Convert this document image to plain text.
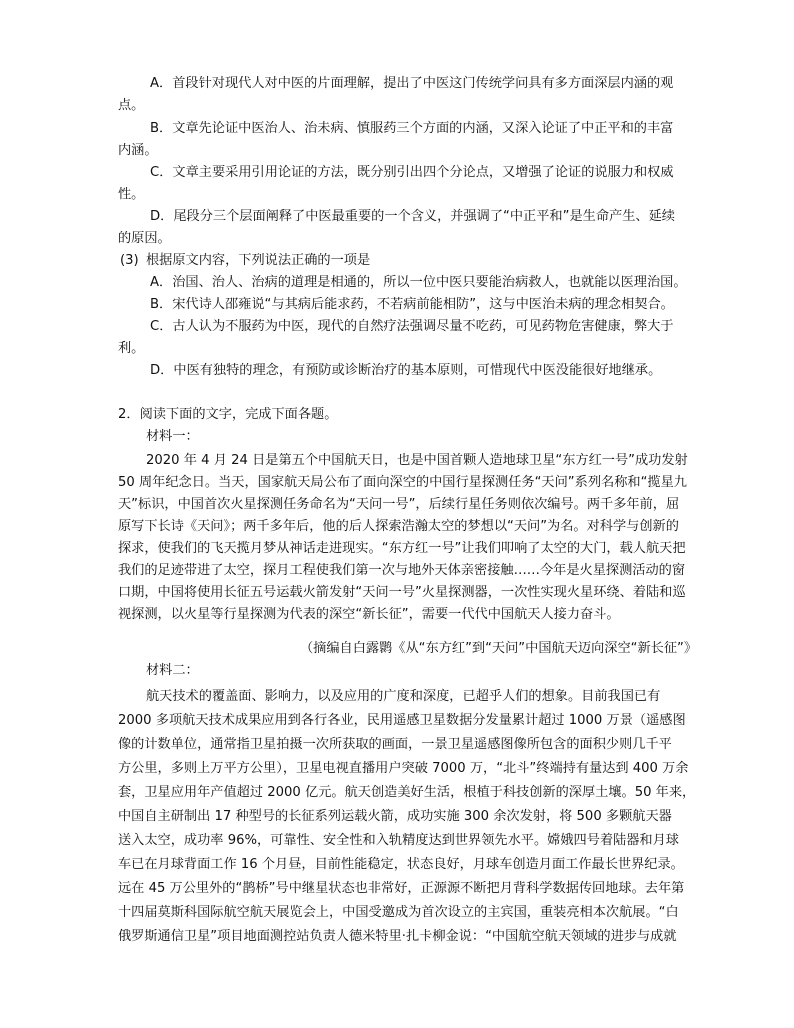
A．首段针对现代人对中医的片面理解，提出了中医这门传统学问具有多方面深层内涵的观
点。
B．文章先论证中医治人、治未病、慎服药三个方面的内涵，又深入论证了中正平和的丰富
内涵。
C．文章主要采用引用论证的方法，既分别引出四个分论点，又增强了论证的说服力和权威
性。
D．尾段分三个层面阐释了中医最重要的一个含义，并强调了“中正平和”是生命产生、延续
的原因。
(3) 根据原文内容，下列说法正确的一项是
A．治国、治人、治病的道理是相通的，所以一位中医只要能治病救人，也就能以医理治国。
B．宋代诗人邵雍说“与其病后能求药，不若病前能相防”，这与中医治未病的理念相契合。
C．古人认为不服药为中医，现代的自然疗法强调尽量不吃药，可见药物危害健康，弊大于
利。
D．中医有独特的理念，有预防或诊断治疗的基本原则，可惜现代中医没能很好地继承。
2．阅读下面的文字，完成下面各题。
材料一：
2020 年 4 月 24 日是第五个中国航天日，也是中国首颗人造地球卫星“东方红一号”成功发射
50 周年纪念日。当天，国家航天局公布了面向深空的中国行星探测任务“天问”系列名称和“揽星九
天”标识，中国首次火星探测任务命名为“天问一号”，后续行星任务则依次编号。两千多年前，屈
原写下长诗《天问》；两千多年后，他的后人探索浩瀚太空的梦想以“天问”为名。对科学与创新的
探求，使我们的飞天揽月梦从神话走进现实。“东方红一号”让我们叩响了太空的大门，载人航天把
我们的足迹带进了太空，探月工程使我们第一次与地外天体亲密接触……今年是火星探测活动的窗
口期，中国将使用长征五号运载火箭发射“天问一号”火星探测器，一次性实现火星环绕、着陆和巡
视探测，以火星等行星探测为代表的深空“新长征”，需要一代代中国航天人接力奋斗。
（摘编自白露鹮《从“东方红”到“天问”中国航天迈向深空“新长征”》
材料二：
航天技术的覆盖面、影响力，以及应用的广度和深度，已超乎人们的想象。目前我国已有
2000 多项航天技术成果应用到各行各业，民用遥感卫星数据分发量累计超过 1000 万景（遥感图
像的计数单位，通常指卫星拍摄一次所获取的画面，一景卫星遥感图像所包含的面积少则几千平
方公里，多则上万平方公里），卫星电视直播用户突破 7000 万，“北斗”终端持有量达到 400 万余
套，卫星应用年产值超过 2000 亿元。航天创造美好生活，根植于科技创新的深厚土壤。50 年来，
中国自主研制出 17 种型号的长征系列运载火箭，成功实施 300 余次发射，将 500 多颗航天器
送入太空，成功率 96%，可靠性、安全性和入轨精度达到世界领先水平。嫦娥四号着陆器和月球
车已在月球背面工作 16 个月昼，目前性能稳定，状态良好，月球车创造月面工作最长世界纪录。
远在 45 万公里外的“鹊桥”号中继星状态也非常好，正源源不断把月背科学数据传回地球。去年第
十四届莫斯科国际航空航天展览会上，中国受邀成为首次设立的主宾国，重装亮相本次航展。“白
俄罗斯通信卫星”项目地面测控站负责人德米特里·扎卡柳金说：“中国航空航天领域的进步与成就
